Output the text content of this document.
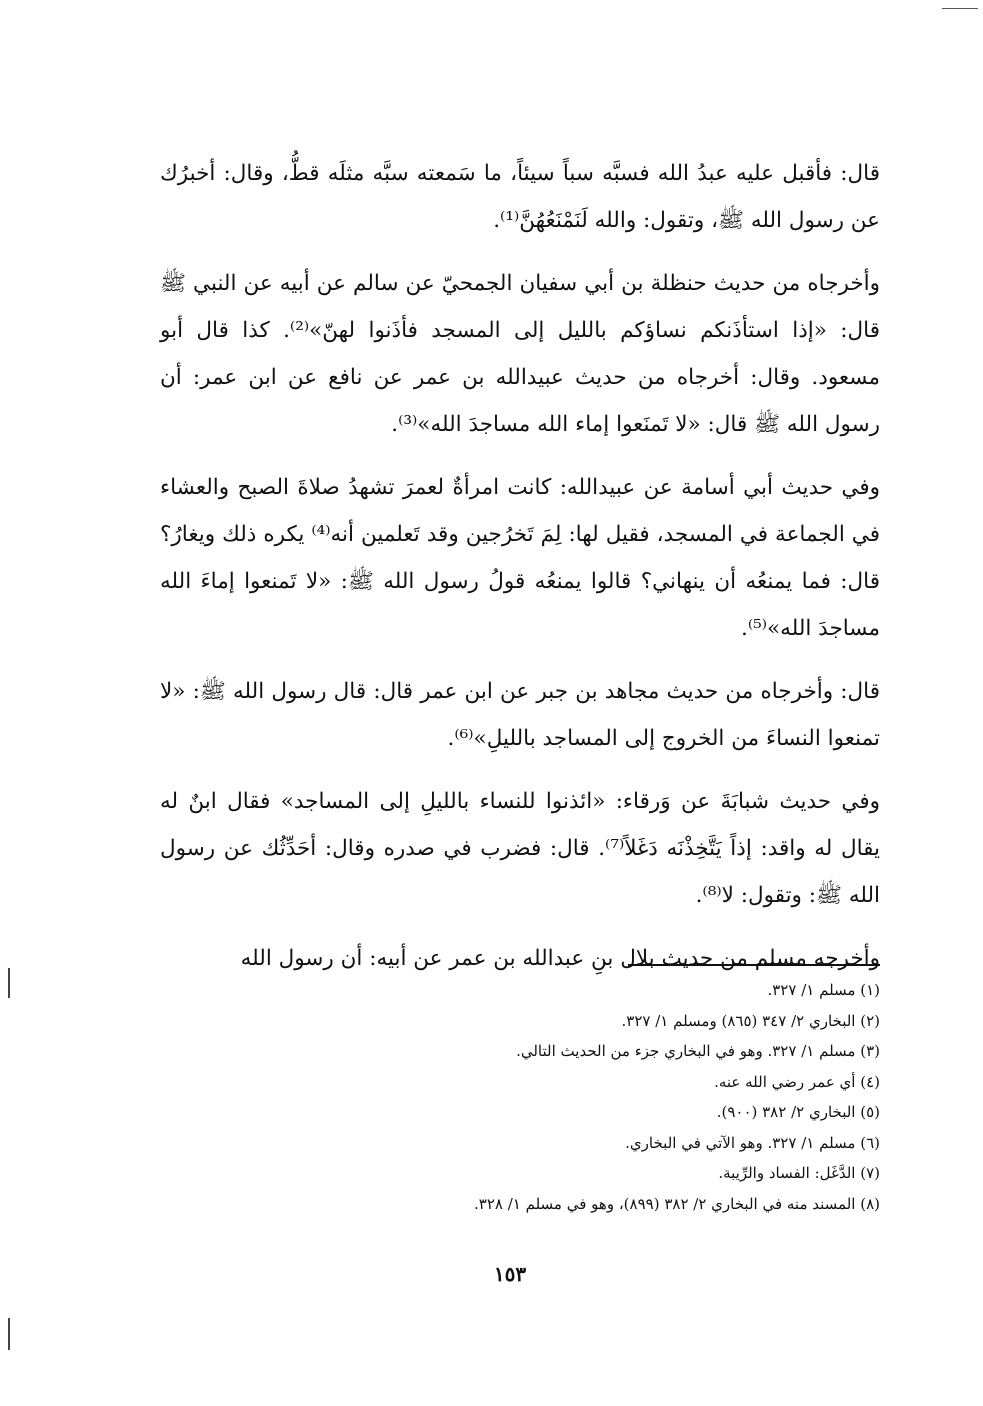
قال: فأقبل عليه عبدُ الله فسبَّه سباً سيئاً، ما سَمعته سبَّه مثلَه قطُّ، وقال: أخبرُك عن رسول الله ﷺ، وتقول: والله لَنَمْنَعُهُنَّ⁽¹⁾.

وأخرجاه من حديث حنظلة بن أبي سفيان الجمحيّ عن سالم عن أبيه عن النبي ﷺ قال: «إذا استأذَنكم نساؤكم بالليل إلى المسجد فأذَنوا لهنّ»⁽²⁾. كذا قال أبو مسعود. وقال: أخرجاه من حديث عبيدالله بن عمر عن نافع عن ابن عمر: أن رسول الله ﷺ قال: «لا تَمنَعوا إماء الله مساجدَ الله»⁽³⁾.

وفي حديث أبي أسامة عن عبيدالله: كانت امرأةٌ لعمرَ تشهدُ صلاةَ الصبح والعشاء في الجماعة في المسجد، فقيل لها: لِمَ تَخرُجين وقد تَعلمين أنه⁽⁴⁾ يكره ذلك ويغارُ؟ قال: فما يمنعُه أن ينهاني؟ قالوا يمنعُه قولُ رسول الله ﷺ: «لا تَمنعوا إماءَ الله مساجدَ الله»⁽⁵⁾.

قال: وأخرجاه من حديث مجاهد بن جبر عن ابن عمر قال: قال رسول الله ﷺ: «لا تمنعوا النساءَ من الخروج إلى المساجد بالليلِ»⁽⁶⁾.

وفي حديث شبابَةَ عن وَرقاء: «ائذنوا للنساء بالليلِ إلى المساجد» فقال ابنٌ له يقال له واقد: إذاً يَتَّخِذْنَه دَغَلاً⁽⁷⁾. قال: فضرب في صدره وقال: أحَدِّثُك عن رسول الله ﷺ: وتقول: لا⁽⁸⁾.

وأخرجه مسلم من حديث بلال بنِ عبدالله بن عمر عن أبيه: أن رسول الله

(١) مسلم ١/ ٣٢٧.
(٢) البخاري ٢/ ٣٤٧ (٨٦٥) ومسلم ١/ ٣٢٧.
(٣) مسلم ١/ ٣٢٧. وهو في البخاري جزء من الحديث التالي.
(٤) أي عمر رضي الله عنه.
(٥) البخاري ٢/ ٣٨٢ (٩٠٠).
(٦) مسلم ١/ ٣٢٧. وهو الآتي في البخاري.
(٧) الدَّغَل: الفساد والرِّيبة.
(٨) المسند منه في البخاري ٢/ ٣٨٢ (٨٩٩)، وهو في مسلم ١/ ٣٢٨.
١٥٣
